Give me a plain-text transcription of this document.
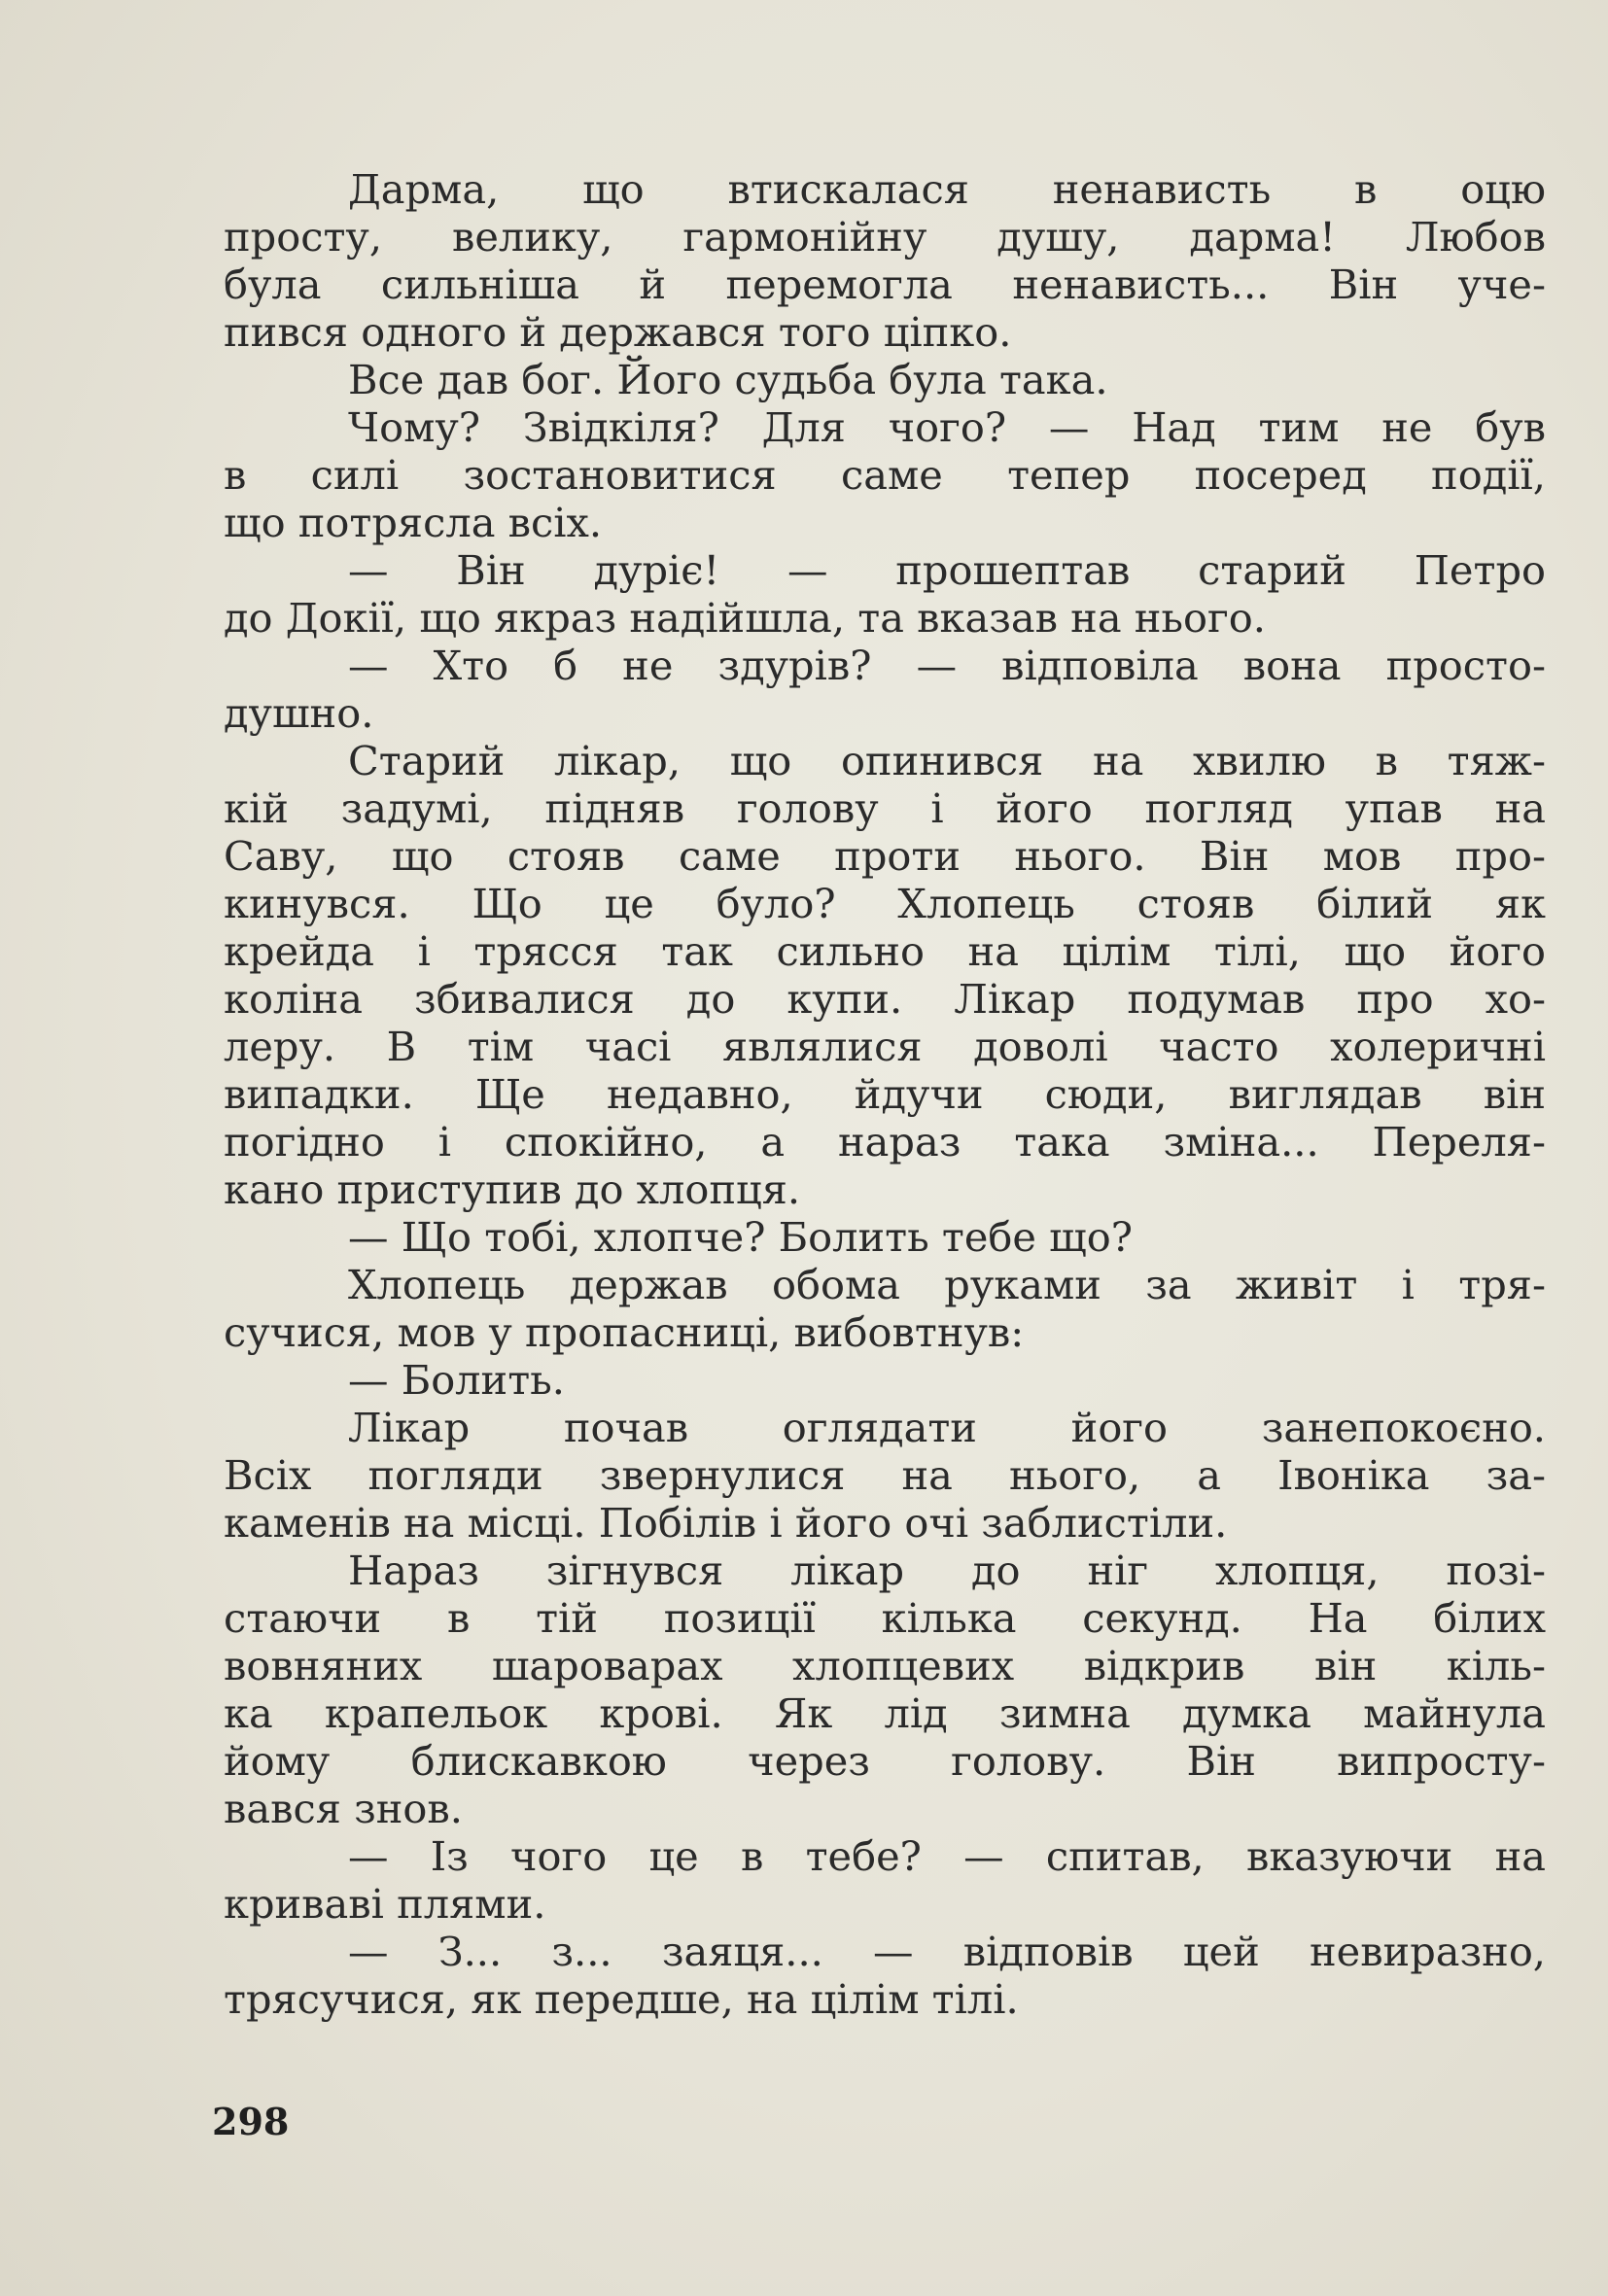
Дарма, що втискалася ненависть в оцю
просту, велику, гармонійну душу, дарма! Любов
була сильніша й перемогла ненависть... Він уче-
пився одного й держався того цiпко.
Все дав бог. Його судьба була така.
Чому? Звідкіля? Для чого? — Над тим не був
в силі зостановитися саме тепер посеред події,
що потрясла всіх.
— Він дурiє! — прошептав старий Петро
до Докії, що якраз надійшла, та вказав на нього.
— Хто б не здурів? — відповіла вона просто-
душно.
Старий лікар, що опинився на хвилю в тяж-
кій задумі, підняв голову і його погляд упав на
Саву, що стояв саме проти нього. Він мов про-
кинувся. Що це було? Хлопець стояв білий як
крейда і трясся так сильно на цілім тілі, що його
коліна збивалися до купи. Лікар подумав про хо-
леру. В тім часі являлися доволі часто холеричні
випадки. Ще недавно, йдучи сюди, виглядав він
погідно і спокійно, а нараз така зміна... Переля-
кано приступив до хлопця.
— Що тобі, хлопче? Болить тебе що?
Хлопець держав обома руками за живіт і тря-
сучися, мов у пропасниці, вибовтнув:
— Болить.
Лікар почав оглядати його занепокоєно.
Всіх погляди звернулися на нього, а Івоніка за-
каменів на місці. Побілів і його очі заблистіли.
Нараз зігнувся лікар до ніг хлопця, позі-
стаючи в тій позиції кілька секунд. На білих
вовняних шароварах хлопцевих відкрив він кіль-
ка крапельок крові. Як лід зимна думка майнула
йому блискавкою через голову. Він випросту-
вався знов.
— Із чого це в тебе? — спитав, вказуючи на
криваві плями.
— З... з... заяця... — відповів цей невиразно,
трясучися, як передше, на цілім тілі.
298
